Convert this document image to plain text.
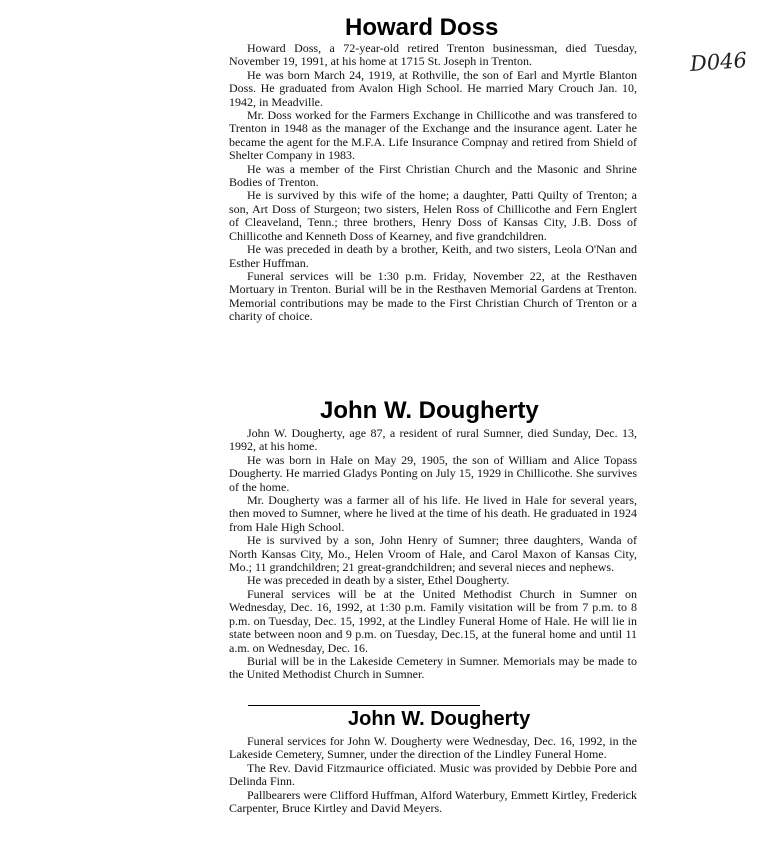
D046
Howard Doss

Howard Doss, a 72-year-old retired Trenton businessman, died Tuesday, November 19, 1991, at his home at 1715 St. Joseph in Trenton.

He was born March 24, 1919, at Rothville, the son of Earl and Myrtle Blanton Doss. He graduated from Avalon High School. He married Mary Crouch Jan. 10, 1942, in Meadville.

Mr. Doss worked for the Farmers Exchange in Chillicothe and was transfered to Trenton in 1948 as the manager of the Exchange and the insurance agent. Later he became the agent for the M.F.A. Life Insurance Compnay and retired from Shield of Shelter Company in 1983.

He was a member of the First Christian Church and the Masonic and Shrine Bodies of Trenton.

He is survived by this wife of the home; a daughter, Patti Quilty of Trenton; a son, Art Doss of Sturgeon; two sisters, Helen Ross of Chillicothe and Fern Englert of Cleaveland, Tenn.; three brothers, Henry Doss of Kansas City, J.B. Doss of Chillicothe and Kenneth Doss of Kearney, and five grandchildren.

He was preceded in death by a brother, Keith, and two sisters, Leola O'Nan and Esther Huffman.

Funeral services will be 1:30 p.m. Friday, November 22, at the Resthaven Mortuary in Trenton. Burial will be in the Resthaven Memorial Gardens at Trenton. Memorial contributions may be made to the First Christian Church of Trenton or a charity of choice.

John W. Dougherty

John W. Dougherty, age 87, a resident of rural Sumner, died Sunday, Dec. 13, 1992, at his home.

He was born in Hale on May 29, 1905, the son of William and Alice Topass Dougherty. He married Gladys Ponting on July 15, 1929 in Chillicothe. She survives of the home.

Mr. Dougherty was a farmer all of his life. He lived in Hale for several years, then moved to Sumner, where he lived at the time of his death. He graduated in 1924 from Hale High School.

He is survived by a son, John Henry of Sumner; three daughters, Wanda of North Kansas City, Mo., Helen Vroom of Hale, and Carol Maxon of Kansas City, Mo.; 11 grandchildren; 21 great-grandchildren; and several nieces and nephews.

He was preceded in death by a sister, Ethel Dougherty.

Funeral services will be at the United Methodist Church in Sumner on Wednesday, Dec. 16, 1992, at 1:30 p.m. Family visitation will be from 7 p.m. to 8 p.m. on Tuesday, Dec. 15, 1992, at the Lindley Funeral Home of Hale. He will lie in state between noon and 9 p.m. on Tuesday, Dec.15, at the funeral home and until 11 a.m. on Wednesday, Dec. 16.

Burial will be in the Lakeside Cemetery in Sumner. Memorials may be made to the United Methodist Church in Sumner.

John W. Dougherty

Funeral services for John W. Dougherty were Wednesday, Dec. 16, 1992, in the Lakeside Cemetery, Sumner, under the direction of the Lindley Funeral Home.

The Rev. David Fitzmaurice officiated. Music was provided by Debbie Pore and Delinda Finn.

Pallbearers were Clifford Huffman, Alford Waterbury, Emmett Kirtley, Frederick Carpenter, Bruce Kirtley and David Meyers.
